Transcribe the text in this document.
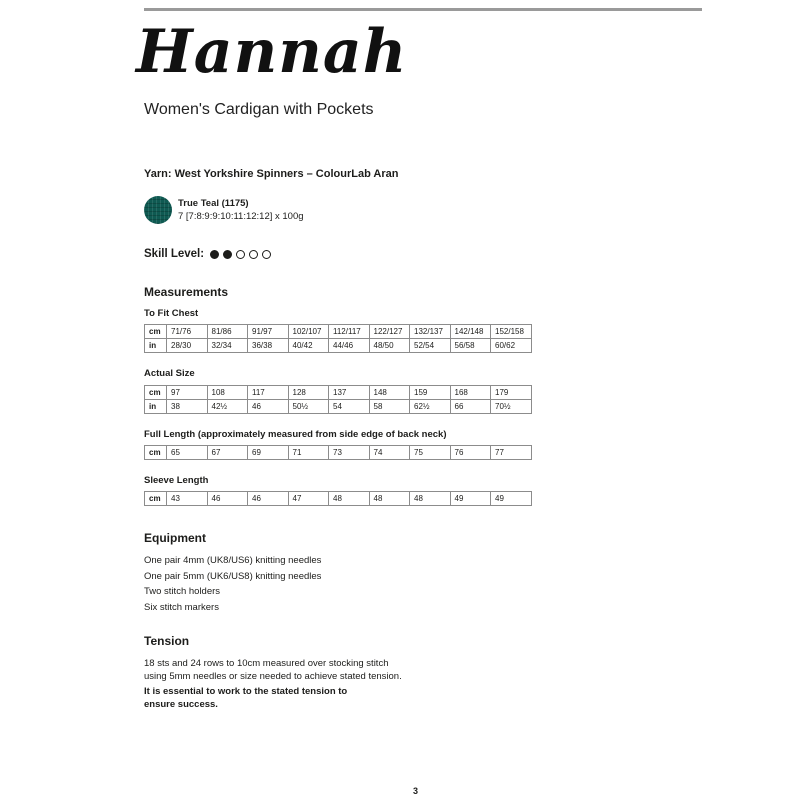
Hannah
Women's Cardigan with Pockets
Yarn: West Yorkshire Spinners – ColourLab Aran
True Teal (1175)
7 [7:8:9:9:10:11:12:12] x 100g
Skill Level:
Measurements
To Fit Chest
cm	71/76	81/86	91/97	102/107	112/117	122/127	132/137	142/148	152/158
in	28/30	32/34	36/38	40/42	44/46	48/50	52/54	56/58	60/62
Actual Size
cm	97	108	117	128	137	148	159	168	179
in	38	42½	46	50½	54	58	62½	66	70½
Full Length (approximately measured from side edge of back neck)
cm	65	67	69	71	73	74	75	76	77
Sleeve Length
cm	43	46	46	47	48	48	48	49	49
Equipment
One pair 4mm (UK8/US6) knitting needles
One pair 5mm (UK6/US8) knitting needles
Two stitch holders
Six stitch markers
Tension
18 sts and 24 rows to 10cm measured over stocking stitch
using 5mm needles or size needed to achieve stated tension.
It is essential to work to the stated tension to
ensure success.
3
